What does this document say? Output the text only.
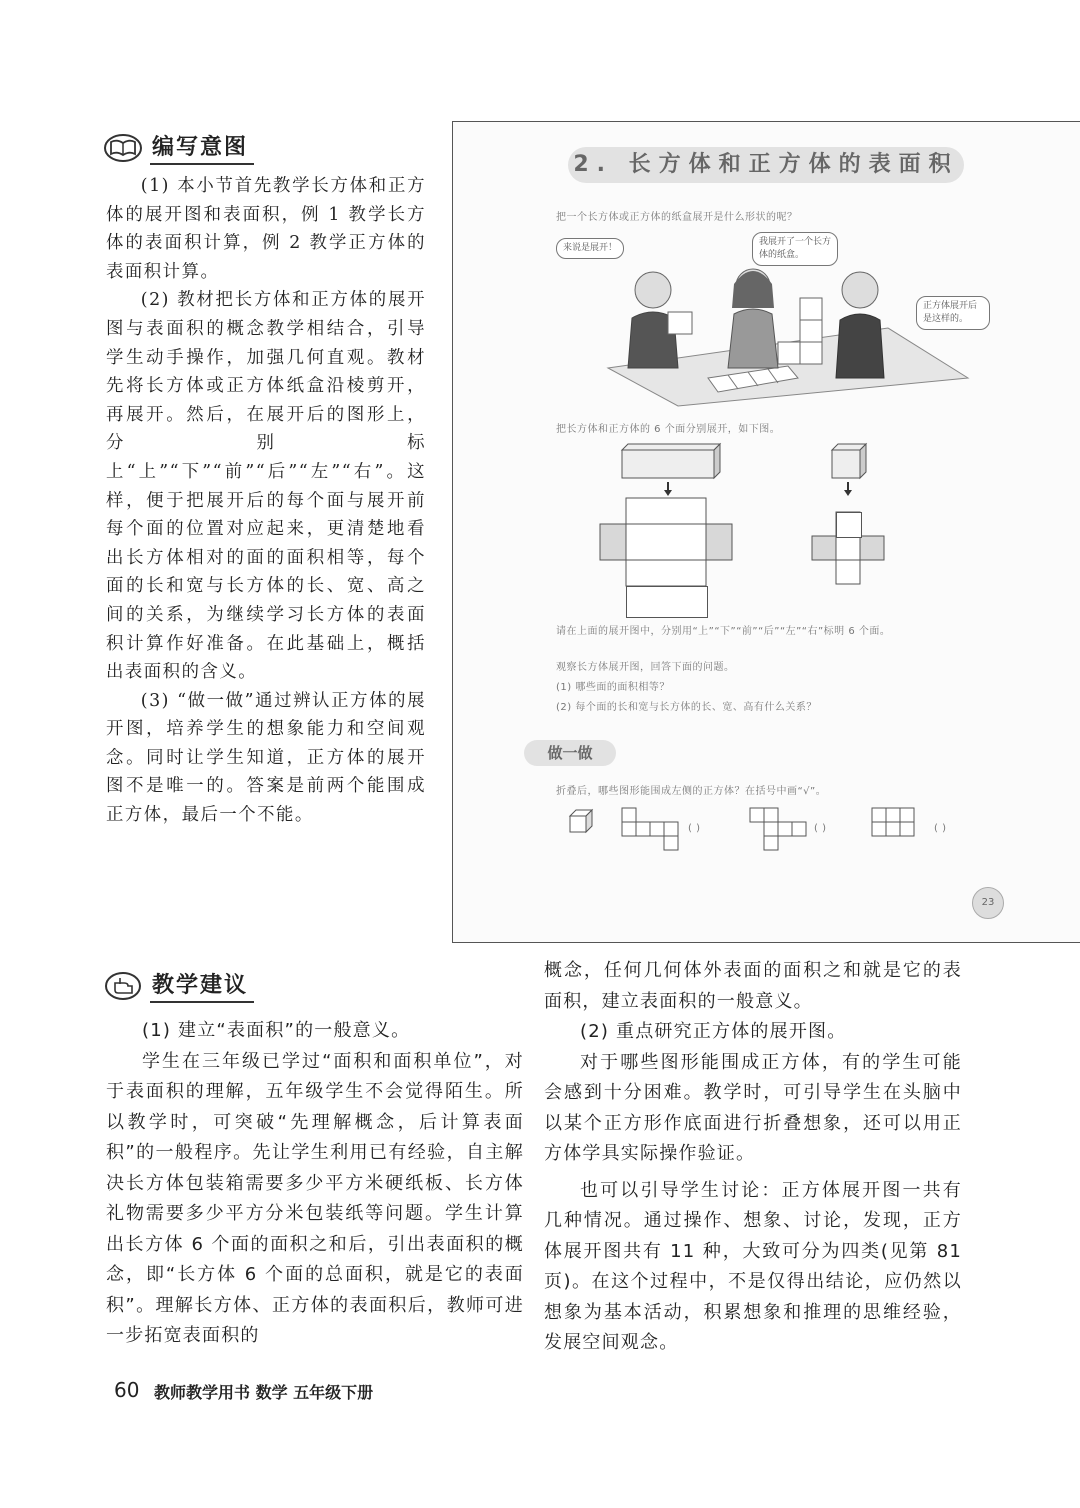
编写意图

(1) 本小节首先教学长方体和正方体的展开图和表面积，例 1 教学长方体的表面积计算，例 2 教学正方体的表面积计算。

(2) 教材把长方体和正方体的展开图与表面积的概念教学相结合，引导学生动手操作，加强几何直观。教材先将长方体或正方体纸盒沿棱剪开，再展开。然后，在展开后的图形上，分别标上“上”“下”“前”“后”“左”“右”。这样，便于把展开后的每个面与展开前每个面的位置对应起来，更清楚地看出长方体相对的面的面积相等，每个面的长和宽与长方体的长、宽、高之间的关系，为继续学习长方体的表面积计算作好准备。在此基础上，概括出表面积的含义。

(3) “做一做”通过辨认正方体的展开图，培养学生的想象能力和空间观念。同时让学生知道，正方体的展开图不是唯一的。答案是前两个能围成正方体，最后一个不能。

2. 长方体和正方体的表面积
把一个长方体或正方体的纸盒展开是什么形状的呢？
来说是展开！
我展开了一个长方体的纸盒。
正方体展开后是这样的。
把长方体和正方体的 6 个面分别展开，如下图。
请在上面的展开图中，分别用“上”“下”“前”“后”“左”“右”标明 6 个面。
观察长方体展开图，回答下面的问题。
(1) 哪些面的面积相等？
(2) 每个面的长和宽与长方体的长、宽、高有什么关系？
做一做
折叠后，哪些图形能围成左侧的正方体？在括号中画“√”。
( )	( )	( )
23
教学建议

(1) 建立“表面积”的一般意义。

学生在三年级已学过“面积和面积单位”，对于表面积的理解，五年级学生不会觉得陌生。所以教学时，可突破“先理解概念，后计算表面积”的一般程序。先让学生利用已有经验，自主解决长方体包装箱需要多少平方米硬纸板、长方体礼物需要多少平方分米包装纸等问题。学生计算出长方体 6 个面的面积之和后，引出表面积的概念，即“长方体 6 个面的总面积，就是它的表面积”。理解长方体、正方体的表面积后，教师可进一步拓宽表面积的

概念，任何几何体外表面的面积之和就是它的表面积，建立表面积的一般意义。

(2) 重点研究正方体的展开图。

对于哪些图形能围成正方体，有的学生可能会感到十分困难。教学时，可引导学生在头脑中以某个正方形作底面进行折叠想象，还可以用正方体学具实际操作验证。

也可以引导学生讨论：正方体展开图一共有几种情况。通过操作、想象、讨论，发现，正方体展开图共有 11 种，大致可分为四类(见第 81 页)。在这个过程中，不是仅得出结论，应仍然以想象为基本活动，积累想象和推理的思维经验，发展空间观念。

60 教师教学用书 数学 五年级下册
